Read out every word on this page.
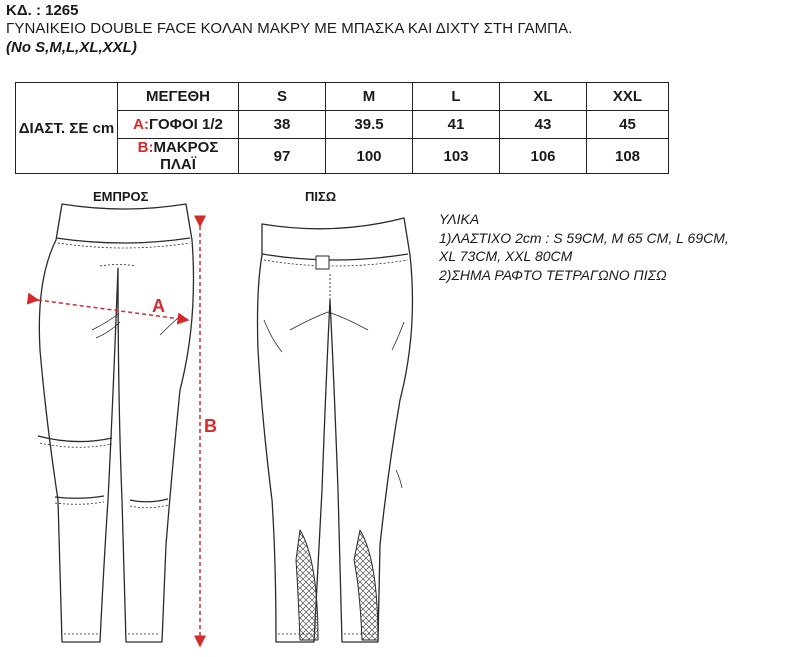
ΚΔ. : 1265
ΓΥΝΑΙΚΕΙΟ DOUBLE FACE ΚΟΛΑΝ ΜΑΚΡΥ ΜΕ ΜΠΑΣΚΑ ΚΑΙ ΔΙΧΤΥ ΣΤΗ ΓΑΜΠΑ.
(No S,M,L,XL,XXL)
ΔΙΑΣΤ. ΣΕ cm	ΜΕΓΕΘΗ	S	M	L	XL	XXL
	A:ΓΟΦΟΙ 1/2	38	39.5	41	43	45
	B:ΜΑΚΡΟΣ ΠΛΑΪ	97	100	103	106	108
ΕΜΠΡΟΣ	ΠΙΣΩ
ΥΛΙΚΑ
1)ΛΑΣΤΙΧΟ 2cm : S 59CM, M 65 CM, L 69CM,
XL 73CM, XXL 80CM
2)ΣΗΜΑ ΡΑΦΤΟ ΤΕΤΡΑΓΩΝΟ ΠΙΣΩ
A
B
